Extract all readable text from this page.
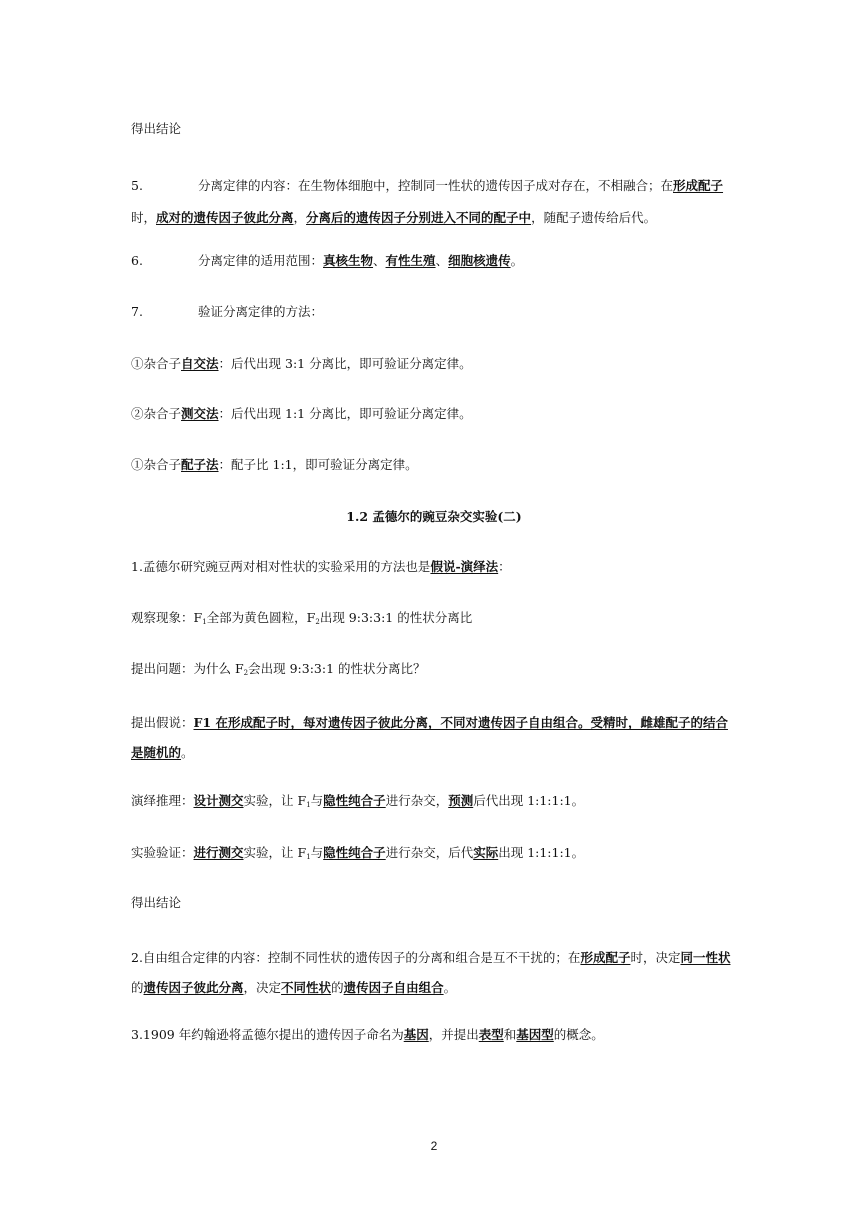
得出结论
5.	分离定律的内容：在生物体细胞中，控制同一性状的遗传因子成对存在，不相融合；在形成配子时，成对的遗传因子彼此分离，分离后的遗传因子分别进入不同的配子中，随配子遗传给后代。
6.	分离定律的适用范围：真核生物、有性生殖、细胞核遗传。
7.	验证分离定律的方法：
①杂合子自交法：后代出现 3:1 分离比，即可验证分离定律。
②杂合子测交法：后代出现 1:1 分离比，即可验证分离定律。
①杂合子配子法：配子比 1:1，即可验证分离定律。
1.2 孟德尔的豌豆杂交实验(二)
1.孟德尔研究豌豆两对相对性状的实验采用的方法也是假说-演绎法：
观察现象：$F_1$全部为黄色圆粒，$F_2$出现 9:3:3:1 的性状分离比
提出问题：为什么 $F_2$会出现 9:3:3:1 的性状分离比？
提出假说：F1 在形成配子时，每对遗传因子彼此分离，不同对遗传因子自由组合。受精时，雌雄配子的结合是随机的。
演绎推理：设计测交实验，让 $F_1$与隐性纯合子进行杂交，预测后代出现 1:1:1:1。
实验验证：进行测交实验，让 $F_1$与隐性纯合子进行杂交，后代实际出现 1:1:1:1。
得出结论
2.自由组合定律的内容：控制不同性状的遗传因子的分离和组合是互不干扰的；在形成配子时，决定同一性状的遗传因子彼此分离，决定不同性状的遗传因子自由组合。
3.1909 年约翰逊将孟德尔提出的遗传因子命名为基因，并提出表型和基因型的概念。
2
